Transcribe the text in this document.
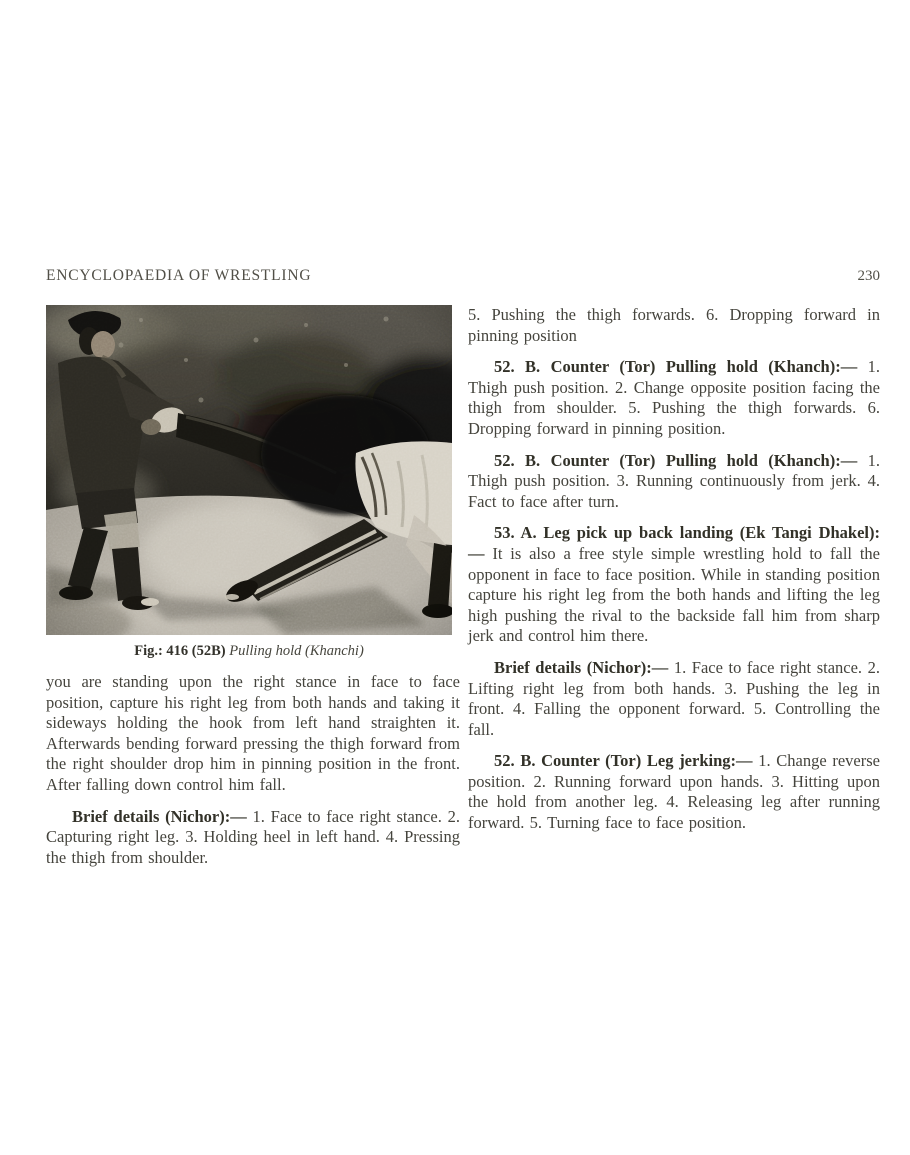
ENCYCLOPAEDIA OF WRESTLING	230
Fig.: 416 (52B) Pulling hold (Khanchi)

you are standing upon the right stance in face to face position, capture his right leg from both hands and taking it sideways holding the hook from left hand straighten it. Afterwards bending forward pressing the thigh forward from the right shoulder drop him in pinning position in the front. After falling down control him fall.

Brief details (Nichor):— 1. Face to face right stance. 2. Capturing right leg. 3. Holding heel in left hand. 4. Pressing the thigh from shoulder.

5. Pushing the thigh forwards. 6. Dropping forward in pinning position

52. B. Counter (Tor) Pulling hold (Khanch):— 1. Thigh push position. 2. Change opposite position facing the thigh from shoulder. 5. Pushing the thigh forwards. 6. Dropping forward in pinning position.

52. B. Counter (Tor) Pulling hold (Khanch):— 1. Thigh push position. 3. Running continuously from jerk. 4. Fact to face after turn.

53. A. Leg pick up back landing (Ek Tangi Dhakel):— It is also a free style simple wrestling hold to fall the opponent in face to face position. While in standing position capture his right leg from the both hands and lifting the leg high pushing the rival to the backside fall him from sharp jerk and control him there.

Brief details (Nichor):— 1. Face to face right stance. 2. Lifting right leg from both hands. 3. Pushing the leg in front. 4. Falling the opponent forward. 5. Controlling the fall.

52. B. Counter (Tor) Leg jerking:— 1. Change reverse position. 2. Running forward upon hands. 3. Hitting upon the hold from another leg. 4. Releasing leg after running forward. 5. Turning face to face position.
